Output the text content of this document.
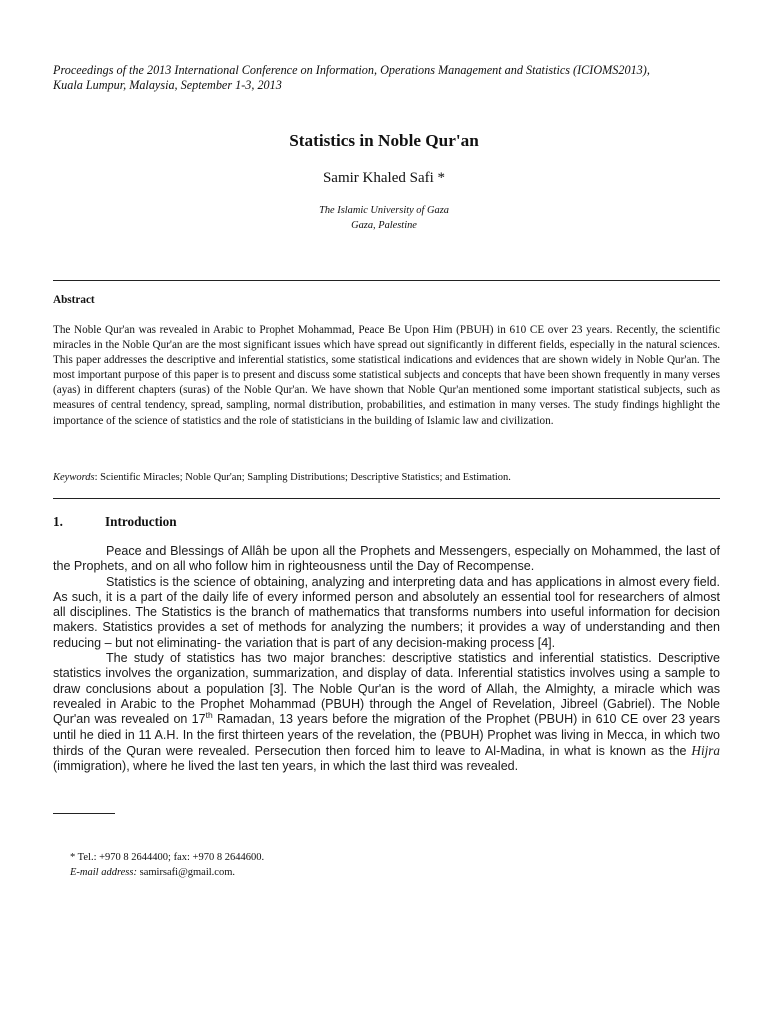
Proceedings of the 2013 International Conference on Information, Operations Management and Statistics (ICIOMS2013),
Kuala Lumpur, Malaysia, September 1-3, 2013
Statistics in Noble Qur'an
Samir Khaled Safi *
The Islamic University of Gaza
Gaza, Palestine
Abstract
The Noble Qur'an was revealed in Arabic to Prophet Mohammad, Peace Be Upon Him (PBUH) in 610 CE over 23 years. Recently, the scientific miracles in the Noble Qur'an are the most significant issues which have spread out significantly in different fields, especially in the natural sciences. This paper addresses the descriptive and inferential statistics, some statistical indications and evidences that are shown widely in Noble Qur'an. The most important purpose of this paper is to present and discuss some statistical subjects and concepts that have been shown frequently in many verses (ayas) in different chapters (suras) of the Noble Qur'an. We have shown that Noble Qur'an mentioned some important statistical subjects, such as measures of central tendency, spread, sampling, normal distribution, probabilities, and estimation in many verses. The study findings highlight the importance of the science of statistics and the role of statisticians in the building of Islamic law and civilization.
Keywords: Scientific Miracles; Noble Qur'an; Sampling Distributions; Descriptive Statistics; and Estimation.
1.	Introduction

Peace and Blessings of Allâh be upon all the Prophets and Messengers, especially on Mohammed, the last of the Prophets, and on all who follow him in righteousness until the Day of Recompense.

Statistics is the science of obtaining, analyzing and interpreting data and has applications in almost every field. As such, it is a part of the daily life of every informed person and absolutely an essential tool for researchers of almost all disciplines. The Statistics is the branch of mathematics that transforms numbers into useful information for decision makers. Statistics provides a set of methods for analyzing the numbers; it provides a way of understanding and then reducing – but not eliminating- the variation that is part of any decision-making process [4].

The study of statistics has two major branches: descriptive statistics and inferential statistics. Descriptive statistics involves the organization, summarization, and display of data. Inferential statistics involves using a sample to draw conclusions about a population [3]. The Noble Qur'an is the word of Allah, the Almighty, a miracle which was revealed in Arabic to the Prophet Mohammad (PBUH) through the Angel of Revelation, Jibreel (Gabriel). The Noble Qur'an was revealed on 17th Ramadan, 13 years before the migration of the Prophet (PBUH) in 610 CE over 23 years until he died in 11 A.H. In the first thirteen years of the revelation, the (PBUH) Prophet was living in Mecca, in which two thirds of the Quran were revealed. Persecution then forced him to leave to Al-Madina, in what is known as the Hijra (immigration), where he lived the last ten years, in which the last third was revealed.

* Tel.: +970 8 2644400; fax: +970 8 2644600.
E-mail address: samirsafi@gmail.com.
